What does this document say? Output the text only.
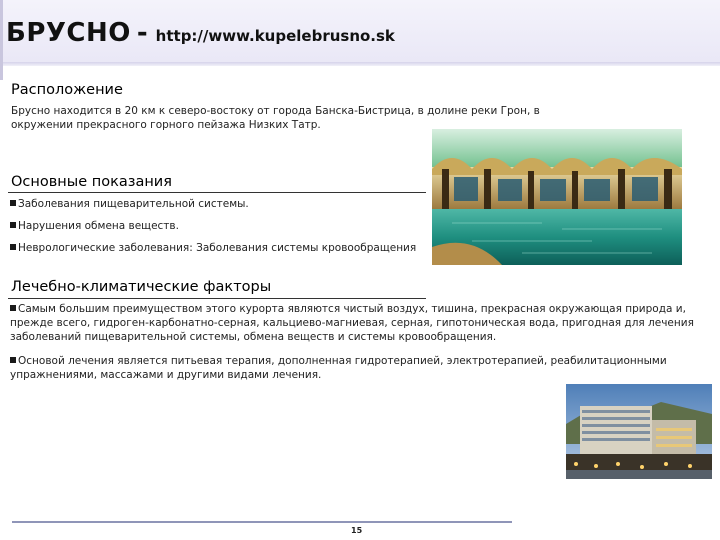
БРУСНО - http://www.kupelebrusno.sk
Расположение
Брусно находится в 20 км к северо-востоку от города Банска-Бистрица, в долине реки Грон, в
окружении прекрасного горного пейзажа Низких Татр.
Основные показания
Заболевания пищеварительной системы.
Нарушения обмена веществ.
Неврологические заболевания: Заболевания системы кровообращения
Лечебно-климатические факторы
Самым большим преимуществом этого курорта являются чистый воздух, тишина, прекрасная окружающая природа и,
прежде всего, гидроген-карбонатно-серная, кальциево-магниевая, серная, гипотоническая вода, пригодная для лечения
заболеваний пищеварительной системы, обмена веществ и системы кровообращения.
Основой лечения является питьевая терапия, дополненная гидротерапией, электротерапией, реабилитационными
упражнениями, массажами и другими видами лечения.
15
